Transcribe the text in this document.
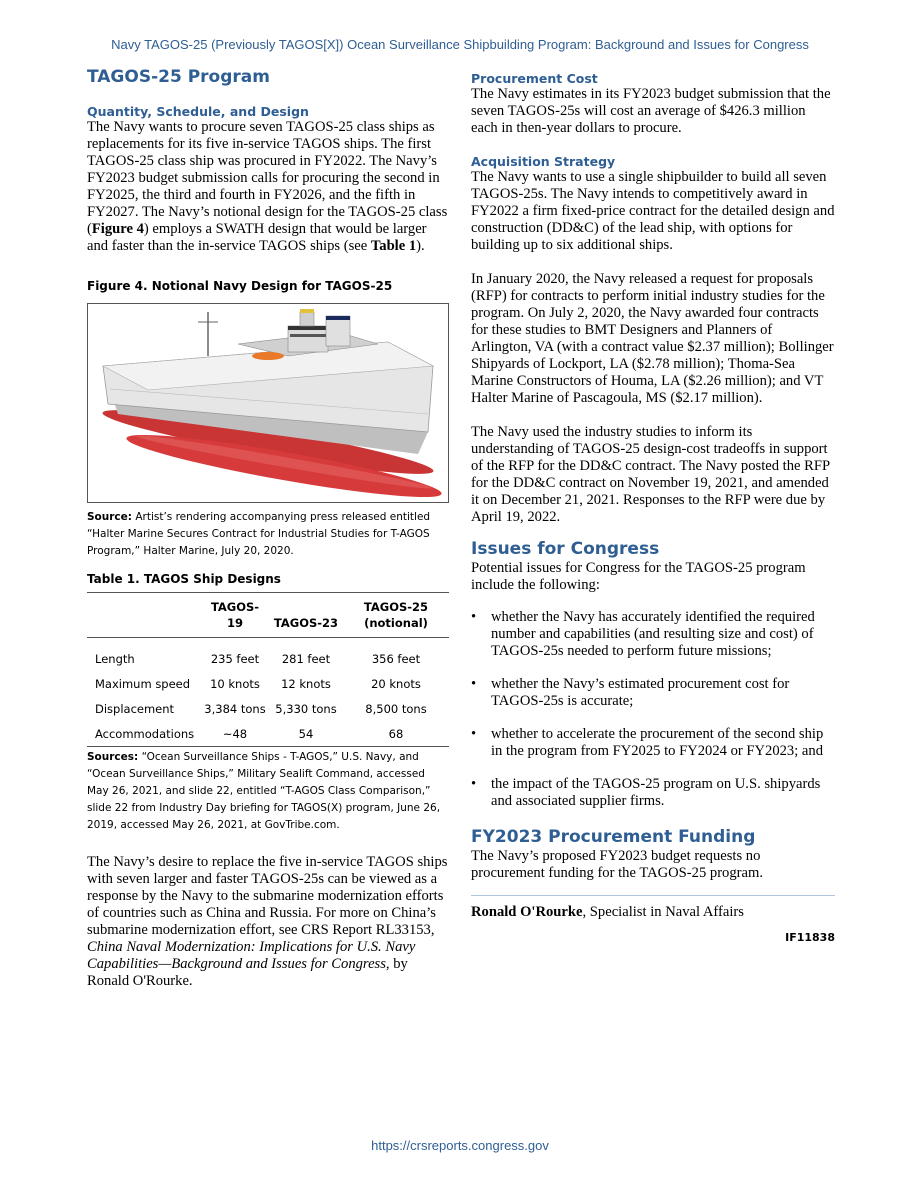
Navy TAGOS-25 (Previously TAGOS[X]) Ocean Surveillance Shipbuilding Program: Background and Issues for Congress
TAGOS-25 Program
Quantity, Schedule, and Design

The Navy wants to procure seven TAGOS-25 class ships as replacements for its five in-service TAGOS ships. The first TAGOS-25 class ship was procured in FY2022. The Navy’s FY2023 budget submission calls for procuring the second in FY2025, the third and fourth in FY2026, and the fifth in FY2027. The Navy’s notional design for the TAGOS-25 class (Figure 4) employs a SWATH design that would be larger and faster than the in-service TAGOS ships (see Table 1).

Figure 4. Notional Navy Design for TAGOS-25

Source: Artist’s rendering accompanying press released entitled “Halter Marine Secures Contract for Industrial Studies for T-AGOS Program,” Halter Marine, July 20, 2020.

Table 1. TAGOS Ship Designs

	TAGOS-19	TAGOS-23	TAGOS-25 (notional)

Length	235 feet	281 feet	356 feet
Maximum speed	10 knots	12 knots	20 knots
Displacement	3,384 tons	5,330 tons	8,500 tons
Accommodations	~48	54	68

Sources: “Ocean Surveillance Ships - T-AGOS,” U.S. Navy, and “Ocean Surveillance Ships,” Military Sealift Command, accessed May 26, 2021, and slide 22, entitled “T-AGOS Class Comparison,” slide 22 from Industry Day briefing for TAGOS(X) program, June 26, 2019, accessed May 26, 2021, at GovTribe.com.

The Navy’s desire to replace the five in-service TAGOS ships with seven larger and faster TAGOS-25s can be viewed as a response by the Navy to the submarine modernization efforts of countries such as China and Russia. For more on China’s submarine modernization effort, see CRS Report RL33153, China Naval Modernization: Implications for U.S. Navy Capabilities—Background and Issues for Congress, by Ronald O'Rourke.

Procurement Cost

The Navy estimates in its FY2023 budget submission that the seven TAGOS-25s will cost an average of $426.3 million each in then-year dollars to procure.

Acquisition Strategy

The Navy wants to use a single shipbuilder to build all seven TAGOS-25s. The Navy intends to competitively award in FY2022 a firm fixed-price contract for the detailed design and construction (DD&C) of the lead ship, with options for building up to six additional ships.

In January 2020, the Navy released a request for proposals (RFP) for contracts to perform initial industry studies for the program. On July 2, 2020, the Navy awarded four contracts for these studies to BMT Designers and Planners of Arlington, VA (with a contract value $2.37 million); Bollinger Shipyards of Lockport, LA ($2.78 million); Thoma-Sea Marine Constructors of Houma, LA ($2.26 million); and VT Halter Marine of Pascagoula, MS ($2.17 million).

The Navy used the industry studies to inform its understanding of TAGOS-25 design-cost tradeoffs in support of the RFP for the DD&C contract. The Navy posted the RFP for the DD&C contract on November 19, 2021, and amended it on December 21, 2021. Responses to the RFP were due by April 19, 2022.

Issues for Congress

Potential issues for Congress for the TAGOS-25 program include the following:

• whether the Navy has accurately identified the required number and capabilities (and resulting size and cost) of TAGOS-25s needed to perform future missions;
• whether the Navy’s estimated procurement cost for TAGOS-25s is accurate;
• whether to accelerate the procurement of the second ship in the program from FY2025 to FY2024 or FY2023; and
• the impact of the TAGOS-25 program on U.S. shipyards and associated supplier firms.
FY2023 Procurement Funding

The Navy’s proposed FY2023 budget requests no procurement funding for the TAGOS-25 program.

Ronald O'Rourke, Specialist in Naval Affairs

IF11838

https://crsreports.congress.gov
